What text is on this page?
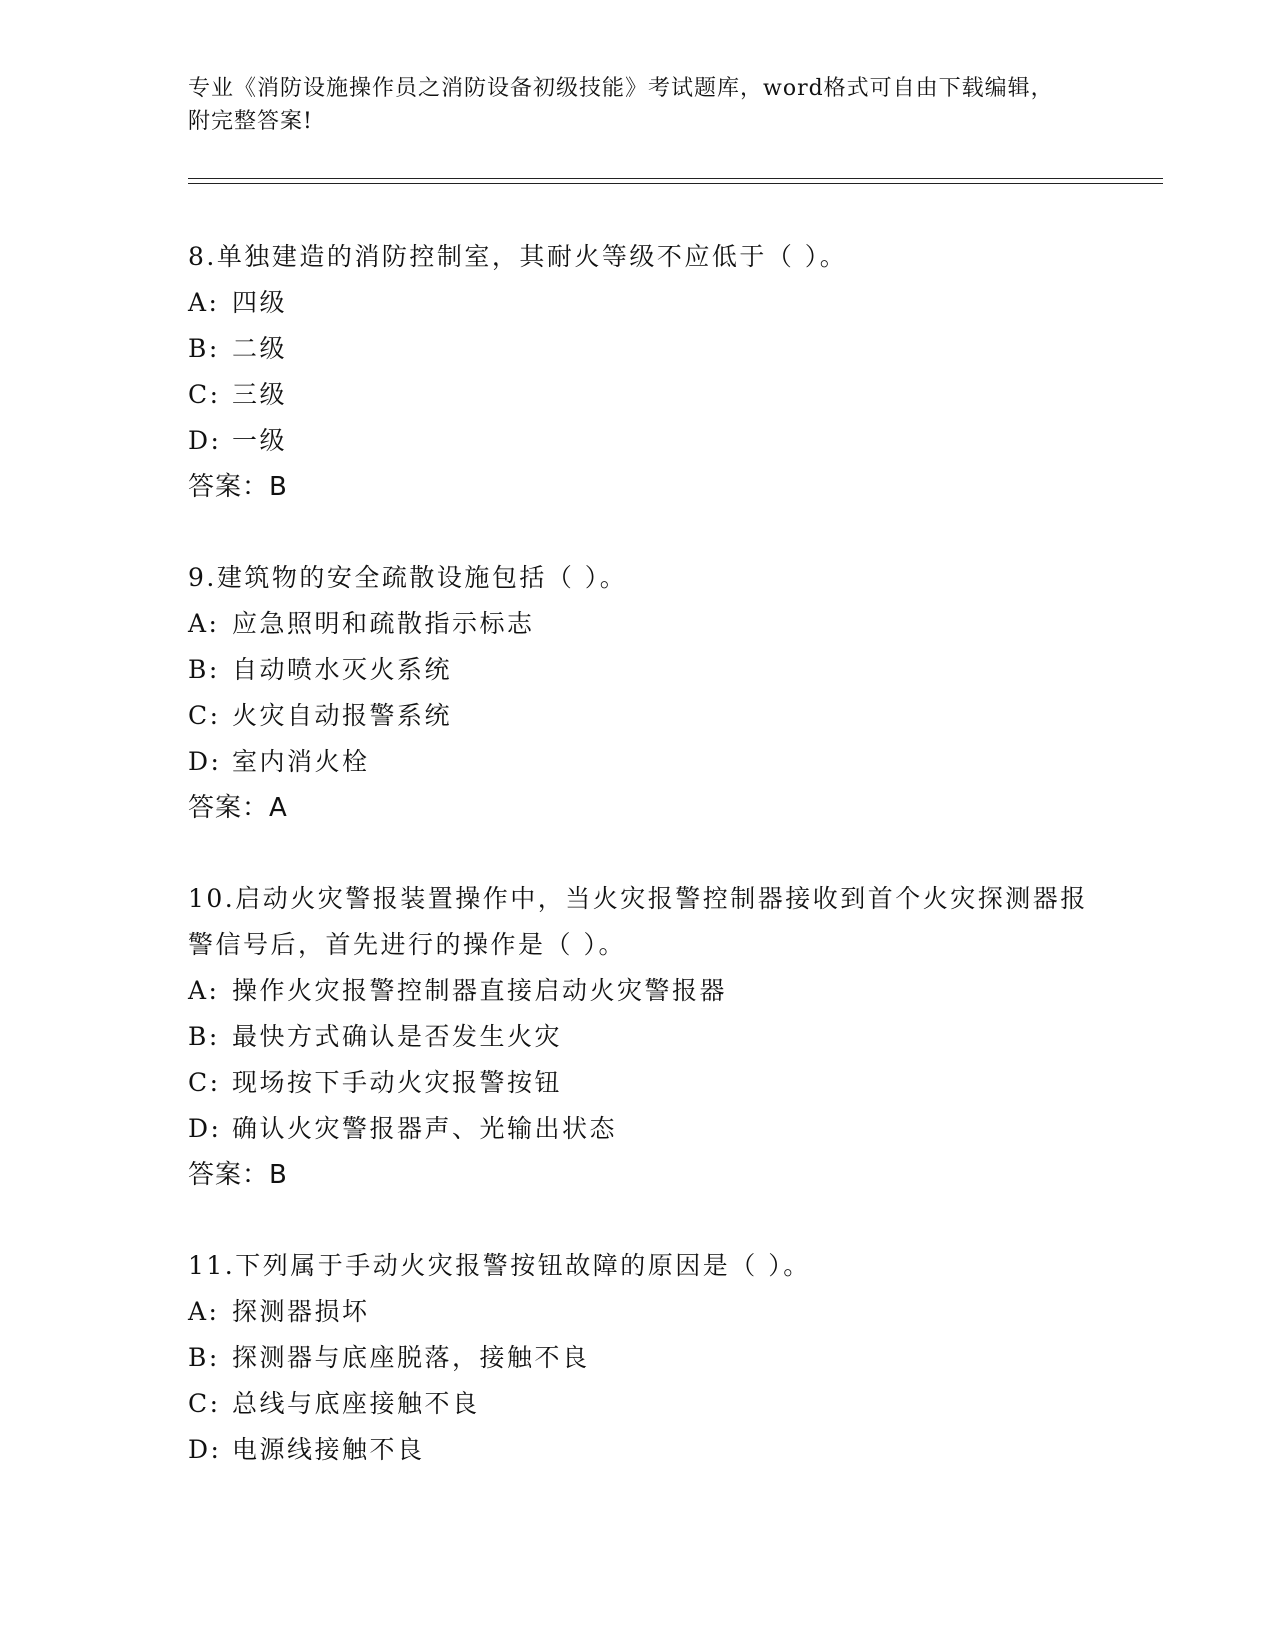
专业《消防设施操作员之消防设备初级技能》考试题库，word格式可自由下载编辑，附完整答案!

8.单独建造的消防控制室，其耐火等级不应低于（ ）。

A: 四级
B: 二级
C: 三级
D: 一级
答案：B

9.建筑物的安全疏散设施包括（ ）。

A: 应急照明和疏散指示标志
B: 自动喷水灭火系统
C: 火灾自动报警系统
D: 室内消火栓
答案：A

10.启动火灾警报装置操作中，当火灾报警控制器接收到首个火灾探测器报警信号后，首先进行的操作是（ ）。

A: 操作火灾报警控制器直接启动火灾警报器
B: 最快方式确认是否发生火灾
C: 现场按下手动火灾报警按钮
D: 确认火灾警报器声、光输出状态
答案：B

11.下列属于手动火灾报警按钮故障的原因是（ ）。

A: 探测器损坏
B: 探测器与底座脱落，接触不良
C: 总线与底座接触不良
D: 电源线接触不良
